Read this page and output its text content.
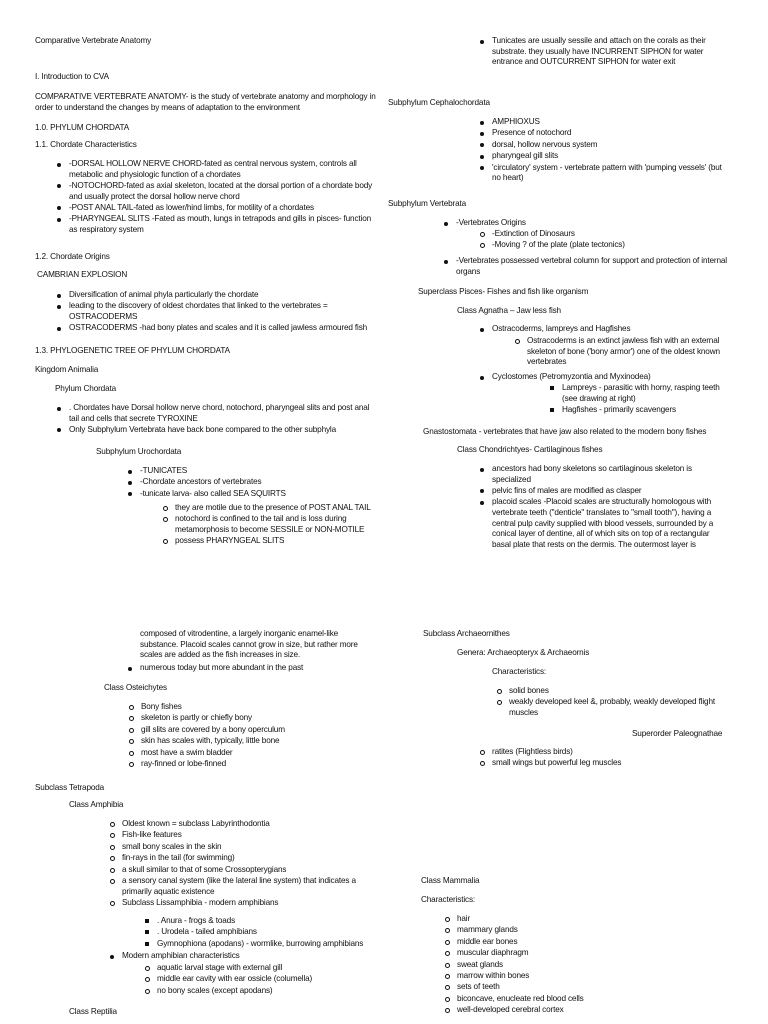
Comparative Vertebrate Anatomy
I. Introduction to CVA
COMPARATIVE VERTEBRATE ANATOMY- is the study of vertebrate anatomy and morphology in
order to understand the changes by means of adaptation to the environment
1.0. PHYLUM CHORDATA
1.1. Chordate Characteristics
-DORSAL HOLLOW NERVE CHORD-fated as central nervous system, controls all
metabolic and physiologic function of a chordates
-NOTOCHORD-fated as axial skeleton, located at the dorsal portion of a chordate body
and usually protect the dorsal hollow nerve chord
-POST ANAL TAIL-fated as lower/hind limbs, for motility of a chordates
-PHARYNGEAL SLITS -Fated as mouth, lungs in tetrapods and gills in pisces- function
as respiratory system
1.2. Chordate Origins
CAMBRIAN EXPLOSION
Diversification of animal phyla particularly the chordate
leading to the discovery of oldest chordates that linked to the vertebrates =
OSTRACODERMS
OSTRACODERMS -had bony plates and scales and it is called jawless armoured fish
1.3. PHYLOGENETIC TREE OF PHYLUM CHORDATA
Kingdom Animalia
Phylum Chordata
. Chordates have Dorsal hollow nerve chord, notochord, pharyngeal slits and post anal
tail and cells that secrete TYROXINE
Only Subphylum Vertebrata have back bone compared to the other subphyla
Subphylum Urochordata
-TUNICATES
-Chordate ancestors of vertebrates
-tunicate larva- also called SEA SQUIRTS
they are motile due to the presence of POST ANAL TAIL
notochord is confined to the tail and is loss during
metamorphosis to become SESSILE or NON-MOTILE
possess PHARYNGEAL SLITS
Tunicates are usually sessile and attach on the corals as their
substrate. they usually have INCURRENT SIPHON for water
entrance and OUTCURRENT SIPHON for water exit
Subphylum Cephalochordata
AMPHIOXUS
Presence of notochord
dorsal, hollow nervous system
pharyngeal gill slits
'circulatory' system - vertebrate pattern with 'pumping vessels' (but
no heart)
Subphylum Vertebrata
-Vertebrates Origins
-Extinction of Dinosaurs
-Moving ? of the plate (plate tectonics)
-Vertebrates possessed vertebral column for support and protection of internal
organs
Superclass Pisces- Fishes and fish like organism
Class Agnatha – Jaw less fish
Ostracoderms, lampreys and Hagfishes
Ostracoderms is an extinct jawless fish with an external
skeleton of bone ('bony armor') one of the oldest known
vertebrates
Cyclostomes (Petromyzontia and Myxinodea)
Lampreys - parasitic with horny, rasping teeth
(see drawing at right)
Hagfishes - primarily scavengers
Gnastostomata - vertebrates that have jaw also related to the modern bony fishes
Class Chondrichtyes- Cartilaginous fishes
ancestors had bony skeletons so cartilaginous skeleton is
specialized
pelvic fins of males are modified as clasper
placoid scales -Placoid scales are structurally homologous with
vertebrate teeth ("denticle" translates to "small tooth"), having a
central pulp cavity supplied with blood vessels, surrounded by a
conical layer of dentine, all of which sits on top of a rectangular
basal plate that rests on the dermis. The outermost layer is
composed of vitrodentine, a largely inorganic enamel-like
substance. Placoid scales cannot grow in size, but rather more
scales are added as the fish increases in size.
numerous today but more abundant in the past
Class Osteichytes
Bony fishes
skeleton is partly or chiefly bony
gill slits are covered by a bony operculum
skin has scales with, typically, little bone
most have a swim bladder
ray-finned or lobe-finned
Subclass Tetrapoda
Class Amphibia
Oldest known = subclass Labyrinthodontia
Fish-like features
small bony scales in the skin
fin-rays in the tail (for swimming)
a skull similar to that of some Crossopterygians
a sensory canal system (like the lateral line system) that indicates a
primarily aquatic existence
Subclass Lissamphibia - modern amphibians
. Anura - frogs & toads
. Urodela - tailed amphibians
Gymnophiona (apodans) - wormlike, burrowing amphibians
Modern amphibian characteristics
aquatic larval stage with external gill
middle ear cavity with ear ossicle (columella)
no bony scales (except apodans)
Class Reptilia
Subclass Archaeornithes
Genera: Archaeopteryx & Archaeornis
Characteristics:
solid bones
weakly developed keel &, probably, weakly developed flight
muscles
Superorder Paleognathae
ratites (Flightless birds)
small wings but powerful leg muscles
Class Mammalia
Characteristics:
hair
mammary glands
middle ear bones
muscular diaphragm
sweat glands
marrow within bones
sets of teeth
biconcave, enucleate red blood cells
well-developed cerebral cortex
